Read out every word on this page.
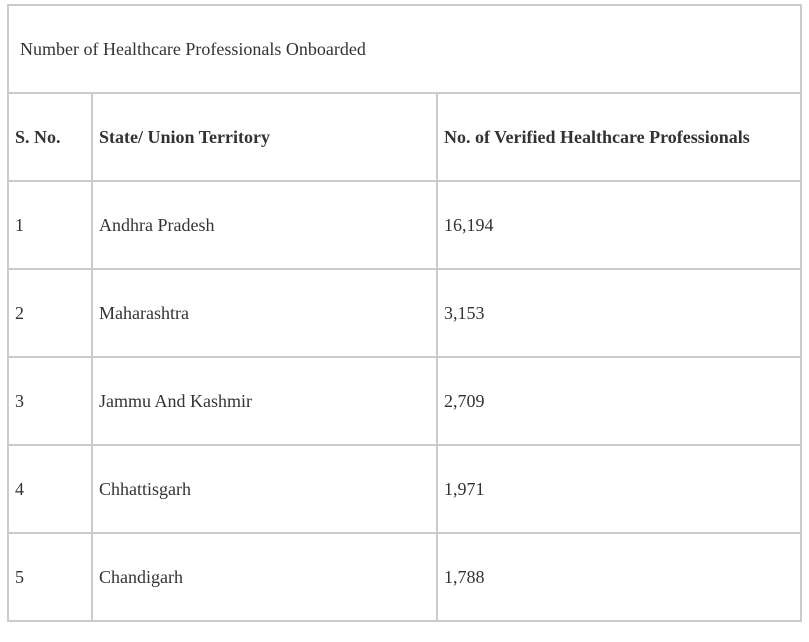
Number of Healthcare Professionals Onboarded		
S. No.	State/ Union Territory	No. of Verified Healthcare Professionals
1	Andhra Pradesh	16,194
2	Maharashtra	3,153
3	Jammu And Kashmir	2,709
4	Chhattisgarh	1,971
5	Chandigarh	1,788
